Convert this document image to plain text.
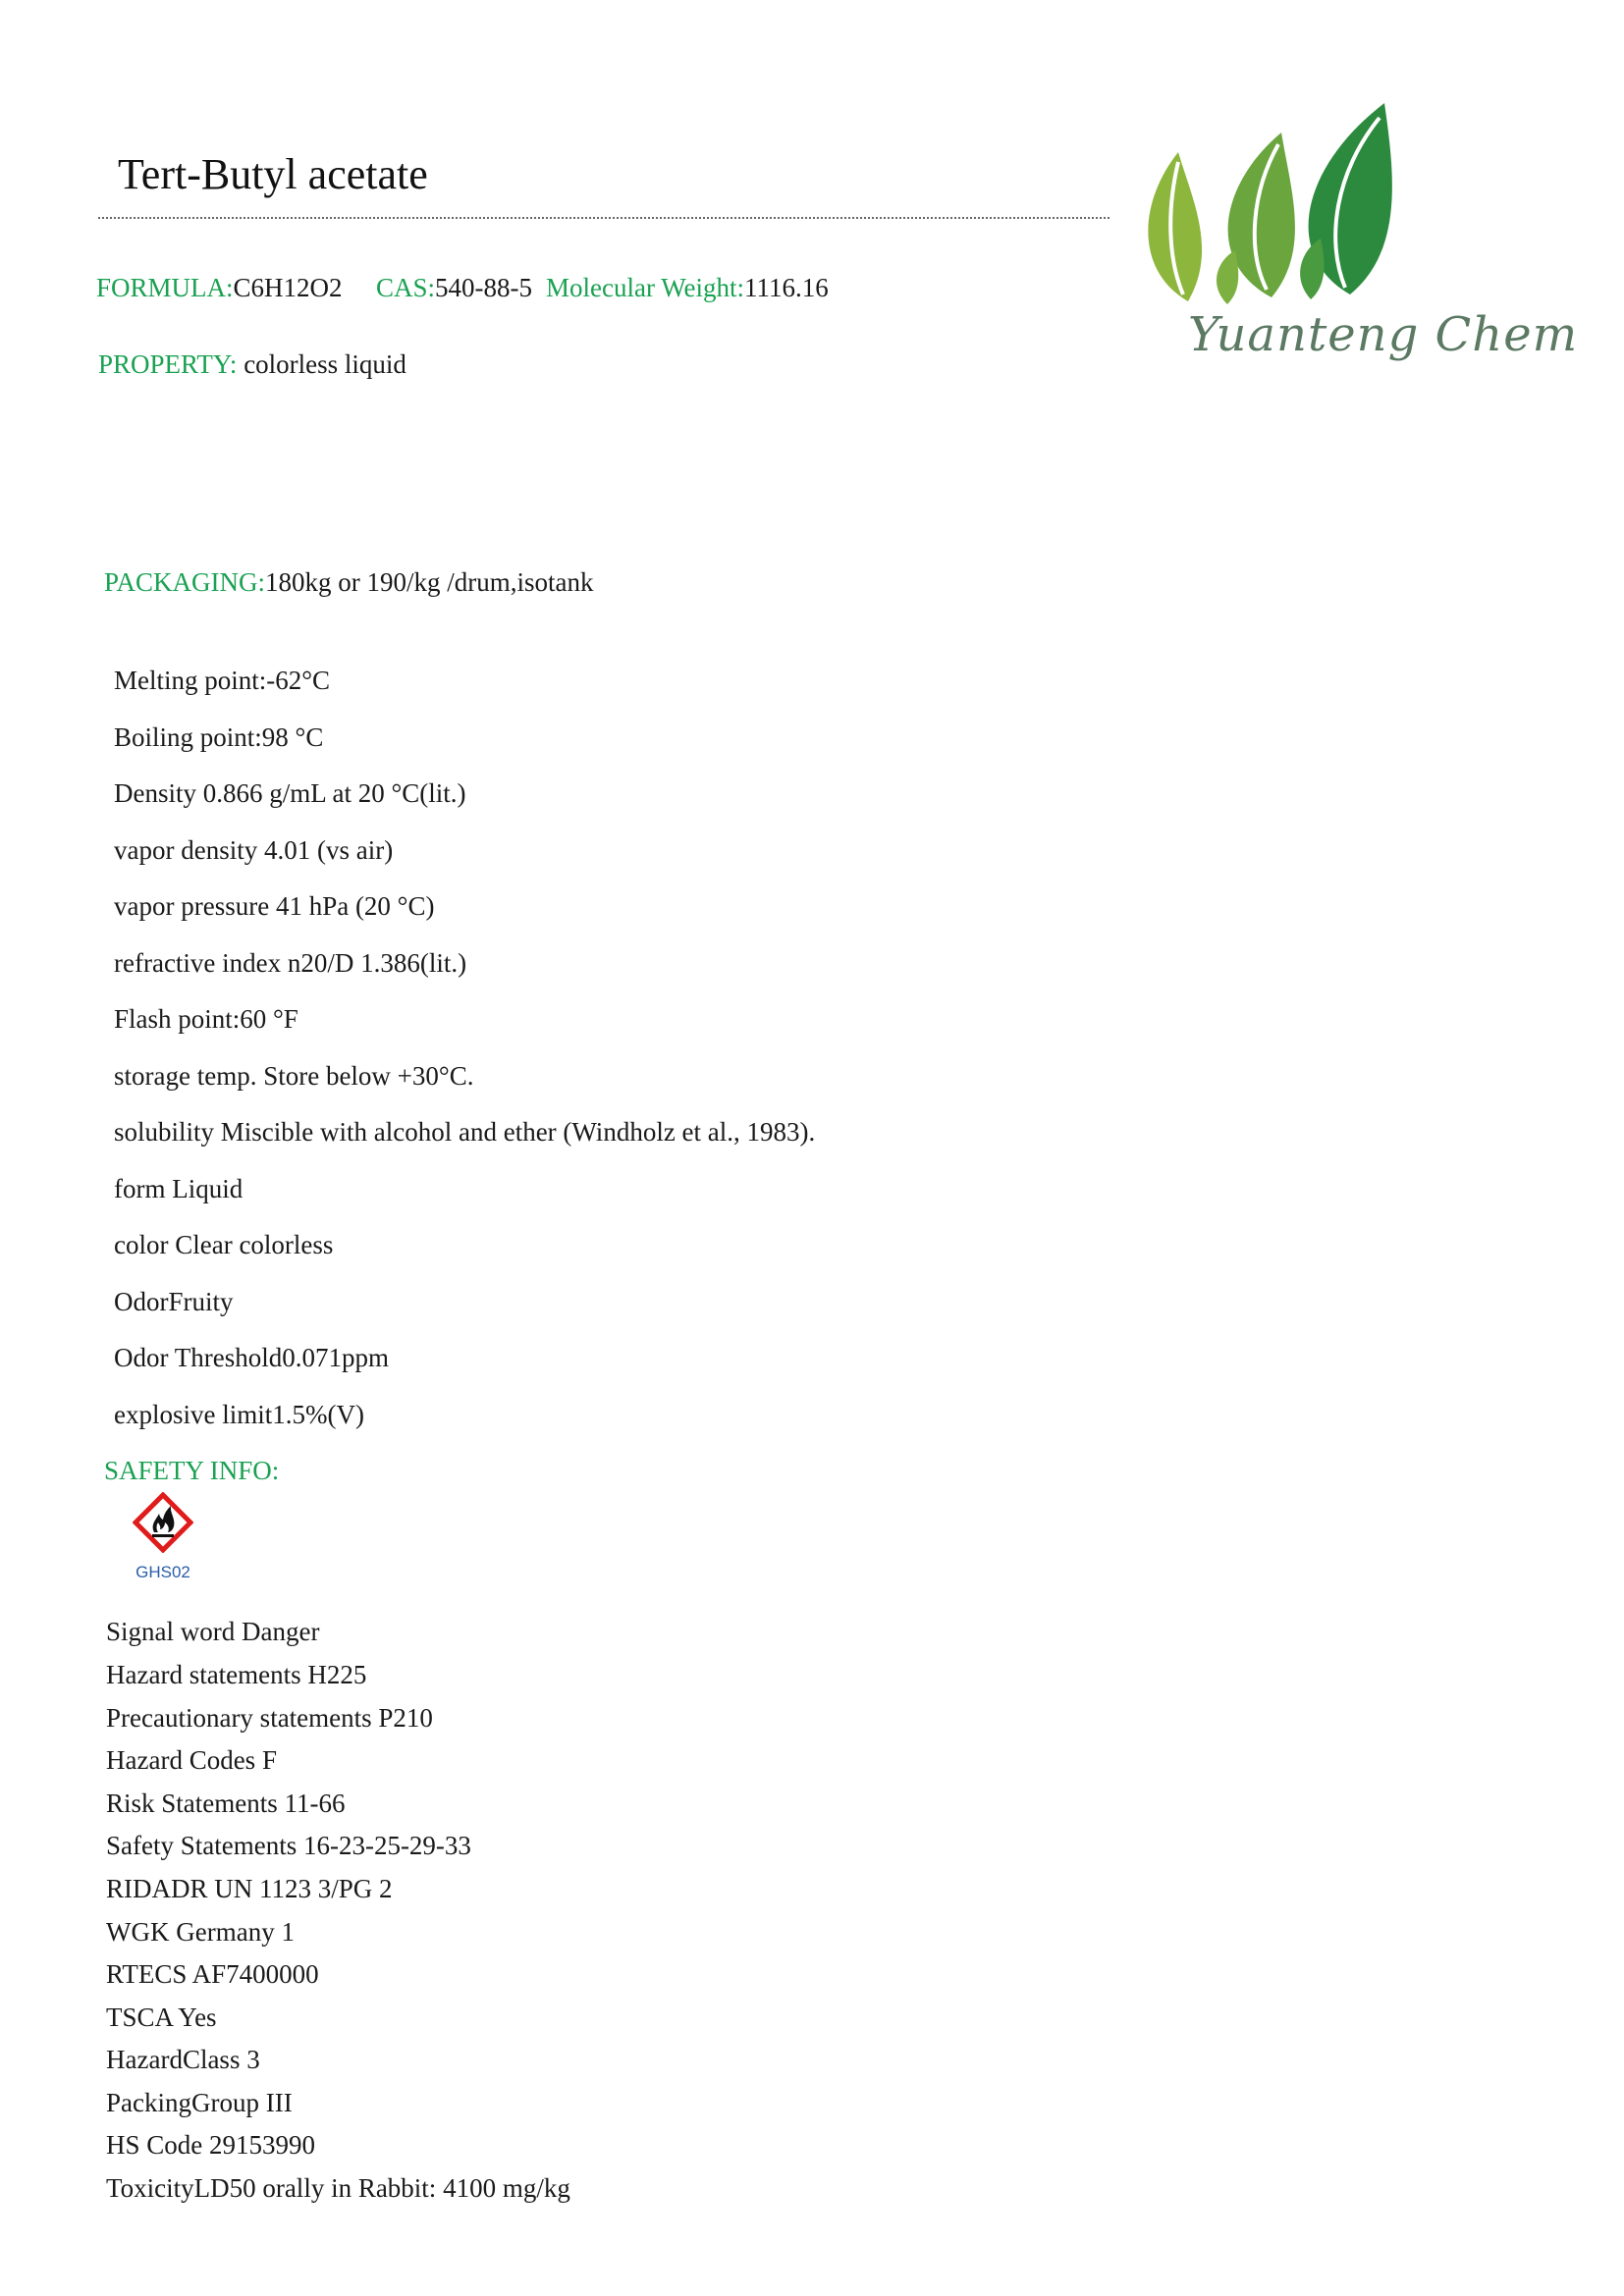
Tert-Butyl acetate
Yuanteng Chem
FORMULA:C6H12O2 CAS:540-88-5 Molecular Weight:1116.16
PROPERTY: colorless liquid
PACKAGING:180kg or 190/kg /drum,isotank
Melting point:-62°C
Boiling point:98 °C
Density 0.866 g/mL at 20 °C(lit.)
vapor density 4.01 (vs air)
vapor pressure 41 hPa (20 °C)
refractive index n20/D 1.386(lit.)
Flash point:60 °F
storage temp. Store below +30°C.
solubility Miscible with alcohol and ether (Windholz et al., 1983).
form Liquid
color Clear colorless
OdorFruity
Odor Threshold0.071ppm
explosive limit1.5%(V)
SAFETY INFO:
GHS02
Signal word Danger
Hazard statements H225
Precautionary statements P210
Hazard Codes F
Risk Statements 11-66
Safety Statements 16-23-25-29-33
RIDADR UN 1123 3/PG 2
WGK Germany 1
RTECS AF7400000
TSCA Yes
HazardClass 3
PackingGroup III
HS Code 29153990
ToxicityLD50 orally in Rabbit: 4100 mg/kg
